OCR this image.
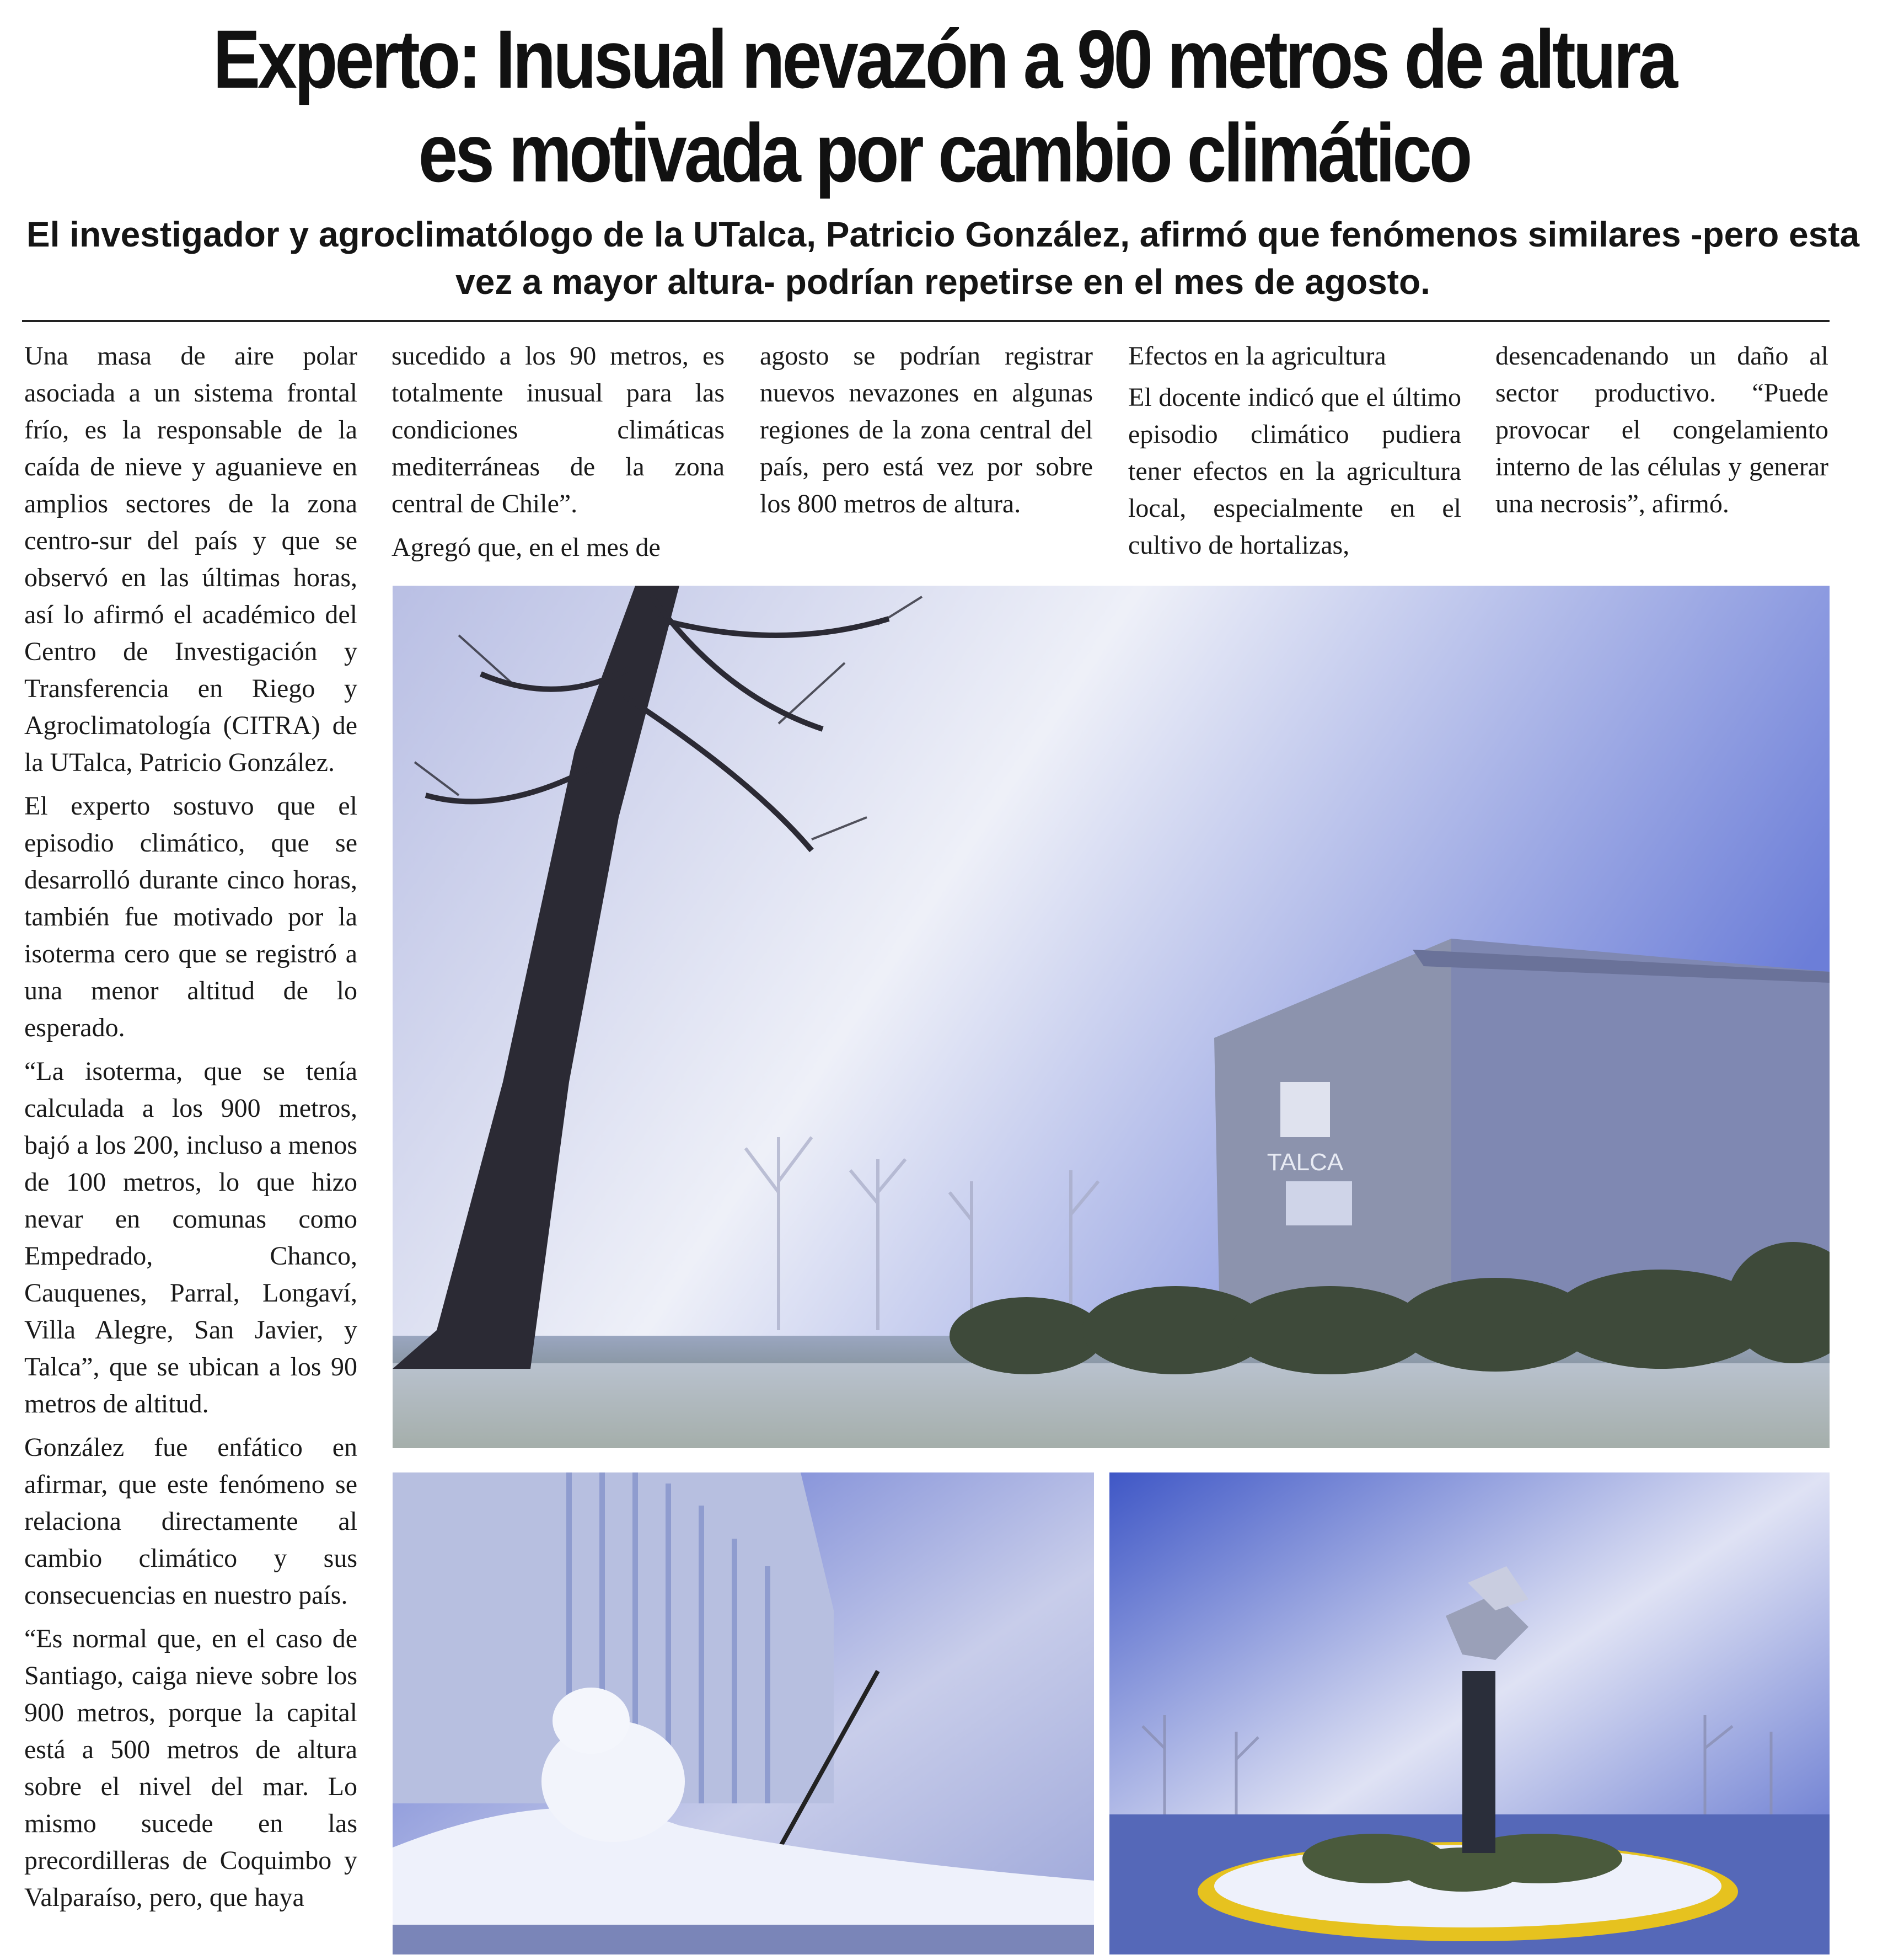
Experto: Inusual nevazón a 90 metros de altura
es motivada por cambio climático
El investigador y agroclimatólogo de la UTalca, Patricio González, afirmó que fenómenos similares -pero esta vez a mayor altura- podrían repetirse en el mes de agosto.

Una masa de aire polar asociada a un sistema frontal frío, es la responsable de la caída de nieve y aguanieve en amplios sectores de la zona centro-sur del país y que se observó en las últimas horas, así lo afirmó el académico del Centro de Investigación y Transferencia en Riego y Agroclimatología (CITRA) de la UTalca, Patricio González.

El experto sostuvo que el episodio climático, que se desarrolló durante cinco horas, también fue motivado por la isoterma cero que se registró a una menor altitud de lo esperado.

“La isoterma, que se tenía calculada a los 900 metros, bajó a los 200, incluso a menos de 100 metros, lo que hizo nevar en comunas como Empedrado, Chanco, Cauquenes, Parral, Longaví, Villa Alegre, San Javier, y Talca”, que se ubican a los 90 metros de altitud.

González fue enfático en afirmar, que este fenómeno se relaciona directamente al cambio climático y sus consecuencias en nuestro país.

“Es normal que, en el caso de Santiago, caiga nieve sobre los 900 metros, porque la capital está a 500 metros de altura sobre el nivel del mar. Lo mismo sucede en las precordilleras de Coquimbo y Valparaíso, pero, que haya

sucedido a los 90 metros, es totalmente inusual para las condiciones climáticas mediterráneas de la zona central de Chile”.

Agregó que, en el mes de

agosto se podrían registrar nuevos nevazones en algunas regiones de la zona central del país, pero está vez por sobre los 800 metros de altura.

Efectos en la agricultura

El docente indicó que el último episodio climático pudiera tener efectos en la agricultura local, especialmente en el cultivo de hortalizas,

desencadenando un daño al sector productivo. “Puede provocar el congelamiento interno de las células y generar una necrosis”, afirmó.

TALCA
